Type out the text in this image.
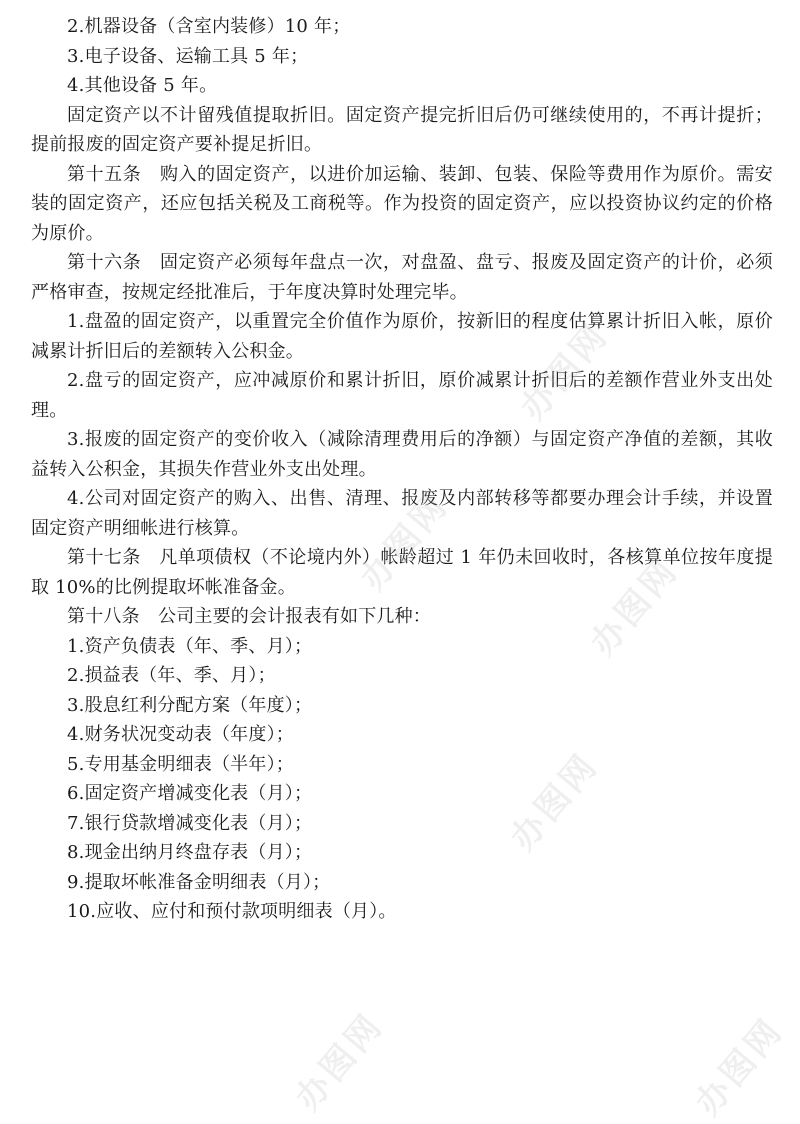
2.机器设备（含室内装修）10 年；

3.电子设备、运输工具 5 年；

4.其他设备 5 年。

固定资产以不计留残值提取折旧。固定资产提完折旧后仍可继续使用的，不再计提折；提前报废的固定资产要补提足折旧。

第十五条　购入的固定资产，以进价加运输、装卸、包装、保险等费用作为原价。需安装的固定资产，还应包括关税及工商税等。作为投资的固定资产，应以投资协议约定的价格为原价。

第十六条　固定资产必须每年盘点一次，对盘盈、盘亏、报废及固定资产的计价，必须严格审查，按规定经批准后，于年度决算时处理完毕。

1.盘盈的固定资产，以重置完全价值作为原价，按新旧的程度估算累计折旧入帐，原价减累计折旧后的差额转入公积金。

2.盘亏的固定资产，应冲减原价和累计折旧，原价减累计折旧后的差额作营业外支出处理。

3.报废的固定资产的变价收入（减除清理费用后的净额）与固定资产净值的差额，其收益转入公积金，其损失作营业外支出处理。

4.公司对固定资产的购入、出售、清理、报废及内部转移等都要办理会计手续，并设置固定资产明细帐进行核算。

第十七条　凡单项债权（不论境内外）帐龄超过 1 年仍未回收时，各核算单位按年度提取 10%的比例提取坏帐准备金。

第十八条　公司主要的会计报表有如下几种：

1.资产负债表（年、季、月）；

2.损益表（年、季、月）；

3.股息红利分配方案（年度）；

4.财务状况变动表（年度）；

5.专用基金明细表（半年）；

6.固定资产增减变化表（月）；

7.银行贷款增减变化表（月）；

8.现金出纳月终盘存表（月）；

9.提取坏帐准备金明细表（月）；

10.应收、应付和预付款项明细表（月）。

办图网
办图网
办图网
办图网
办图网
办图网
